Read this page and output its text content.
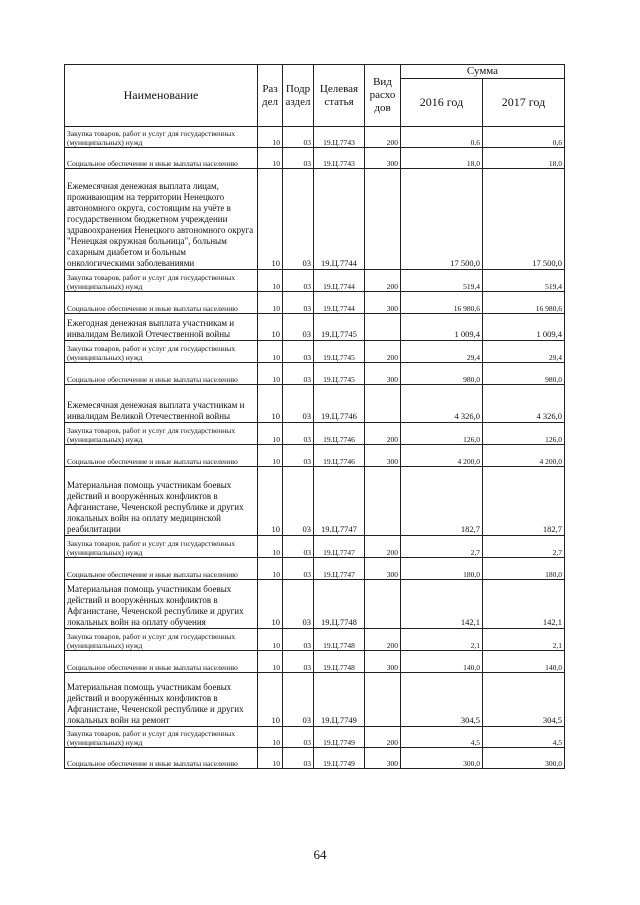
Наименование	Раз дел	Подр аздел	Целевая статья	Вид расхо дов	Сумма	
					2016 год	2017 год
Закупка товаров, работ и услуг для государственных (муниципальных) нужд	10	03	19.Ц.7743	200	0,6	0,6
Социальное обеспечение и иные выплаты населению	10	03	19.Ц.7743	300	18,0	18,0
Ежемесячная денежная выплата лицам, проживающим на территории Ненецкого автономного округа, состоящим на учёте в государственном бюджетном учреждении здравоохранения Ненецкого автономного округа "Ненецкая окружная больница", больным сахарным диабетом и больным онкологическими заболеваниями	10	03	19.Ц.7744		17 500,0	17 500,0
Закупка товаров, работ и услуг для государственных (муниципальных) нужд	10	03	19.Ц.7744	200	519,4	519,4
Социальное обеспечение и иные выплаты населению	10	03	19.Ц.7744	300	16 980,6	16 980,6
Ежегодная денежная выплата участникам и инвалидам Великой Отечественной войны	10	03	19.Ц.7745		1 009,4	1 009,4
Закупка товаров, работ и услуг для государственных (муниципальных) нужд	10	03	19.Ц.7745	200	29,4	29,4
Социальное обеспечение и иные выплаты населению	10	03	19.Ц.7745	300	980,0	980,0
Ежемесячная денежная выплата участникам и инвалидам Великой Отечественной войны	10	03	19.Ц.7746		4 326,0	4 326,0
Закупка товаров, работ и услуг для государственных (муниципальных) нужд	10	03	19.Ц.7746	200	126,0	126,0
Социальное обеспечение и иные выплаты населению	10	03	19.Ц.7746	300	4 200,0	4 200,0
Материальная помощь участникам боевых действий и вооружённых конфликтов в Афганистане, Чеченской республике и других локальных войн на оплату медицинской реабилитации	10	03	19.Ц.7747		182,7	182,7
Закупка товаров, работ и услуг для государственных (муниципальных) нужд	10	03	19.Ц.7747	200	2,7	2,7
Социальное обеспечение и иные выплаты населению	10	03	19.Ц.7747	300	180,0	180,0
Материальная помощь участникам боевых действий и вооружённых конфликтов в Афганистане, Чеченской республике и других локальных войн на оплату обучения	10	03	19.Ц.7748		142,1	142,1
Закупка товаров, работ и услуг для государственных (муниципальных) нужд	10	03	19.Ц.7748	200	2,1	2,1
Социальное обеспечение и иные выплаты населению	10	03	19.Ц.7748	300	140,0	140,0
Материальная помощь участникам боевых действий и вооружённых конфликтов в Афганистане, Чеченской республике и других локальных войн на ремонт	10	03	19.Ц.7749		304,5	304,5
Закупка товаров, работ и услуг для государственных (муниципальных) нужд	10	03	19.Ц.7749	200	4,5	4,5
Социальное обеспечение и иные выплаты населению	10	03	19.Ц.7749	300	300,0	300,0
64
